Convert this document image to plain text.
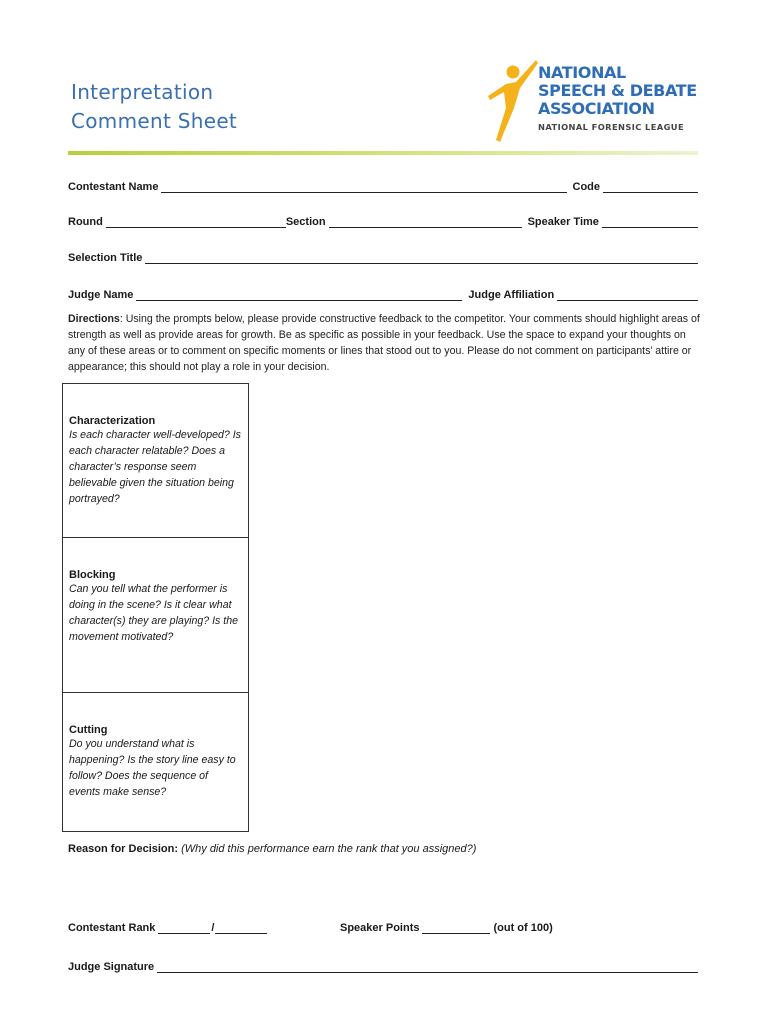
Interpretation
Comment Sheet
NATIONAL
SPEECH & DEBATE
ASSOCIATION
NATIONAL FORENSIC LEAGUE
Contestant Name	Code
Round	Section	Speaker Time
Selection Title
Judge Name	Judge Affiliation
Directions: Using the prompts below, please provide constructive feedback to the competitor. Your comments should highlight areas of strength as well as provide areas for growth. Be as specific as possible in your feedback. Use the space to expand your thoughts on any of these areas or to comment on specific moments or lines that stood out to you. Please do not comment on participants’ attire or appearance; this should not play a role in your decision.
Characterization
Is each character well-developed? Is each character relatable? Does a character’s response seem believable given the situation being portrayed?
Blocking
Can you tell what the performer is doing in the scene? Is it clear what character(s) they are playing? Is the movement motivated?
Cutting
Do you understand what is happening? Is the story line easy to follow? Does the sequence of events make sense?
Reason for Decision: (Why did this performance earn the rank that you assigned?)
Contestant Rank	/	Speaker Points	(out of 100)
Judge Signature
